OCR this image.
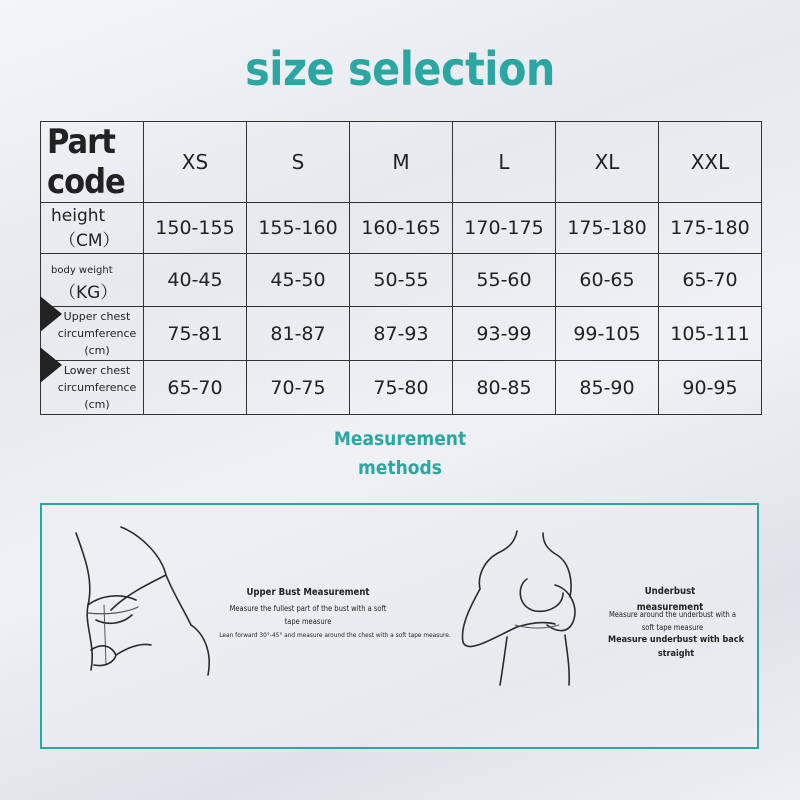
size selection
Part code	XS	S	M	L	XL	XXL
height（CM）	150-155	155-160	160-165	170-175	175-180	175-180
body weight（KG）	40-45	45-50	50-55	55-60	60-65	65-70

Upper chest circumference
(cm)	75-81	81-87	87-93	93-99	99-105	105-111

Lower chest circumference
(cm)	65-70	70-75	75-80	80-85	85-90	90-95
Measurement
methods
Upper Bust Measurement
Measure the fullest part of the bust with a soft
tape measure
Lean forward 30°-45° and measure around the chest with a soft tape measure.
Underbust
measurement
Measure around the underbust with a
soft tape measure
Measure underbust with back straight
